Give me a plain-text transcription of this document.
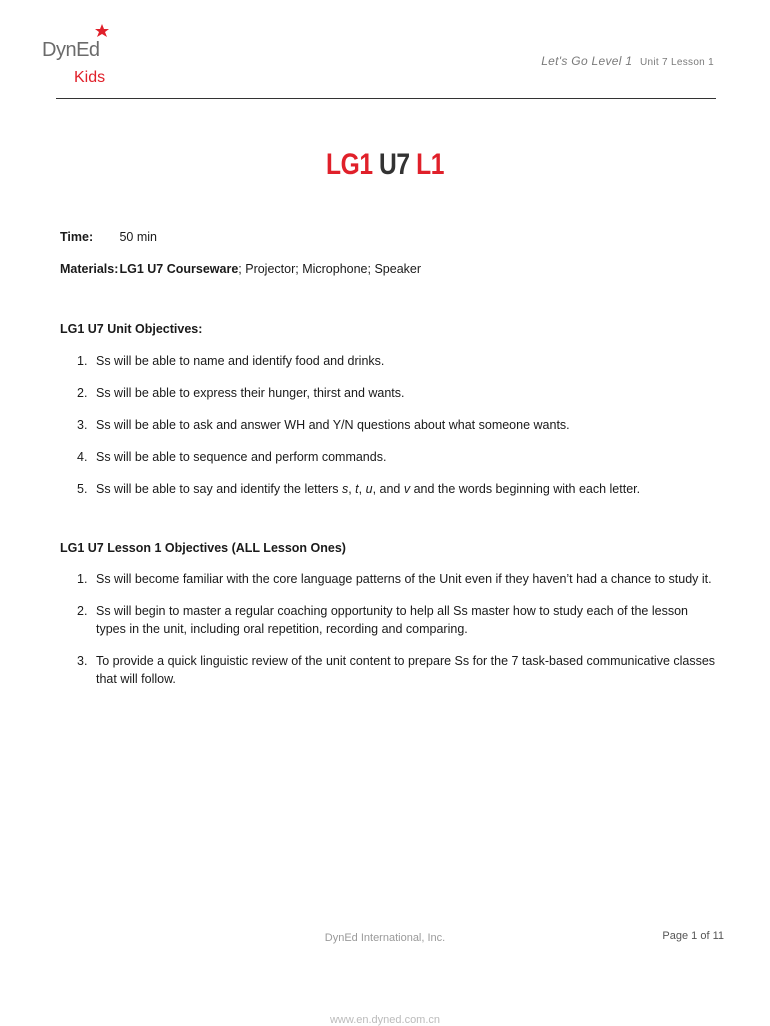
DynEd
Kids
Let's Go Level 1 Unit 7 Lesson 1
LG1 U7 L1
Time: 50 min
Materials: LG1 U7 Courseware; Projector; Microphone; Speaker
LG1 U7 Unit Objectives:
1. Ss will be able to name and identify food and drinks.
2. Ss will be able to express their hunger, thirst and wants.
3. Ss will be able to ask and answer WH and Y/N questions about what someone wants.
4. Ss will be able to sequence and perform commands.
5. Ss will be able to say and identify the letters s, t, u, and v and the words beginning with each letter.
LG1 U7 Lesson 1 Objectives (ALL Lesson Ones)
1. Ss will become familiar with the core language patterns of the Unit even if they haven’t had a chance to study it.
2. Ss will begin to master a regular coaching opportunity to help all Ss master how to study each of the lesson types in the unit, including oral repetition, recording and comparing.
3. To provide a quick linguistic review of the unit content to prepare Ss for the 7 task-based communicative classes that will follow.
DynEd International, Inc.	Page 1 of 11
www.en.dyned.com.cn
